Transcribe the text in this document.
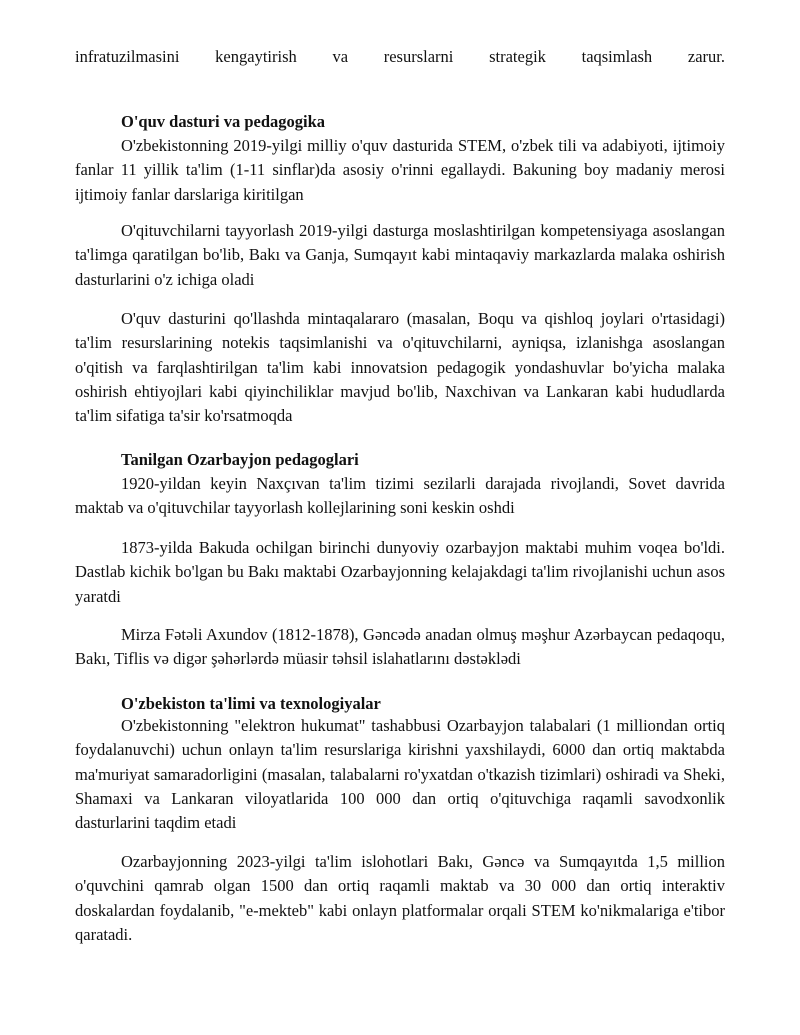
infratuzilmasini kengaytirish va resurslarni strategik taqsimlash zarur.

O'quv dasturi va pedagogika

O'zbekistonning 2019-yilgi milliy o'quv dasturida STEM, o'zbek tili va adabiyoti, ijtimoiy fanlar 11 yillik ta'lim (1-11 sinflar)da asosiy o'rinni egallaydi. Bakuning boy madaniy merosi ijtimoiy fanlar darslariga kiritilgan

O'qituvchilarni tayyorlash 2019-yilgi dasturga moslashtirilgan kompetensiyaga asoslangan ta'limga qaratilgan bo'lib, Bakı va Ganja, Sumqayıt kabi mintaqaviy markazlarda malaka oshirish dasturlarini o'z ichiga oladi

O'quv dasturini qo'llashda mintaqalararo (masalan, Boqu va qishloq joylari o'rtasidagi) ta'lim resurslarining notekis taqsimlanishi va o'qituvchilarni, ayniqsa, izlanishga asoslangan o'qitish va farqlashtirilgan ta'lim kabi innovatsion pedagogik yondashuvlar bo'yicha malaka oshirish ehtiyojlari kabi qiyinchiliklar mavjud bo'lib, Naxchivan va Lankaran kabi hududlarda ta'lim sifatiga ta'sir ko'rsatmoqda

Tanilgan Ozarbayjon pedagoglari

1920-yildan keyin Naxçıvan ta'lim tizimi sezilarli darajada rivojlandi, Sovet davrida maktab va o'qituvchilar tayyorlash kollejlarining soni keskin oshdi

1873-yilda Bakuda ochilgan birinchi dunyoviy ozarbayjon maktabi muhim voqea bo'ldi. Dastlab kichik bo'lgan bu Bakı maktabi Ozarbayjonning kelajakdagi ta'lim rivojlanishi uchun asos yaratdi

Mirza Fətəli Axundov (1812-1878), Gəncədə anadan olmuş məşhur Azərbaycan pedaqoqu, Bakı, Tiflis və digər şəhərlərdə müasir təhsil islahatlarını dəstəklədi

O'zbekiston ta'limi va texnologiyalar

O'zbekistonning "elektron hukumat" tashabbusi Ozarbayjon talabalari (1 milliondan ortiq foydalanuvchi) uchun onlayn ta'lim resurslariga kirishni yaxshilaydi, 6000 dan ortiq maktabda ma'muriyat samaradorligini (masalan, talabalarni ro'yxatdan o'tkazish tizimlari) oshiradi va Sheki, Shamaxi va Lankaran viloyatlarida 100 000 dan ortiq o'qituvchiga raqamli savodxonlik dasturlarini taqdim etadi

Ozarbayjonning 2023-yilgi ta'lim islohotlari Bakı, Gəncə va Sumqayıtda 1,5 million o'quvchini qamrab olgan 1500 dan ortiq raqamli maktab va 30 000 dan ortiq interaktiv doskalardan foydalanib, "e-mekteb" kabi onlayn platformalar orqali STEM ko'nikmalariga e'tibor qaratadi.
